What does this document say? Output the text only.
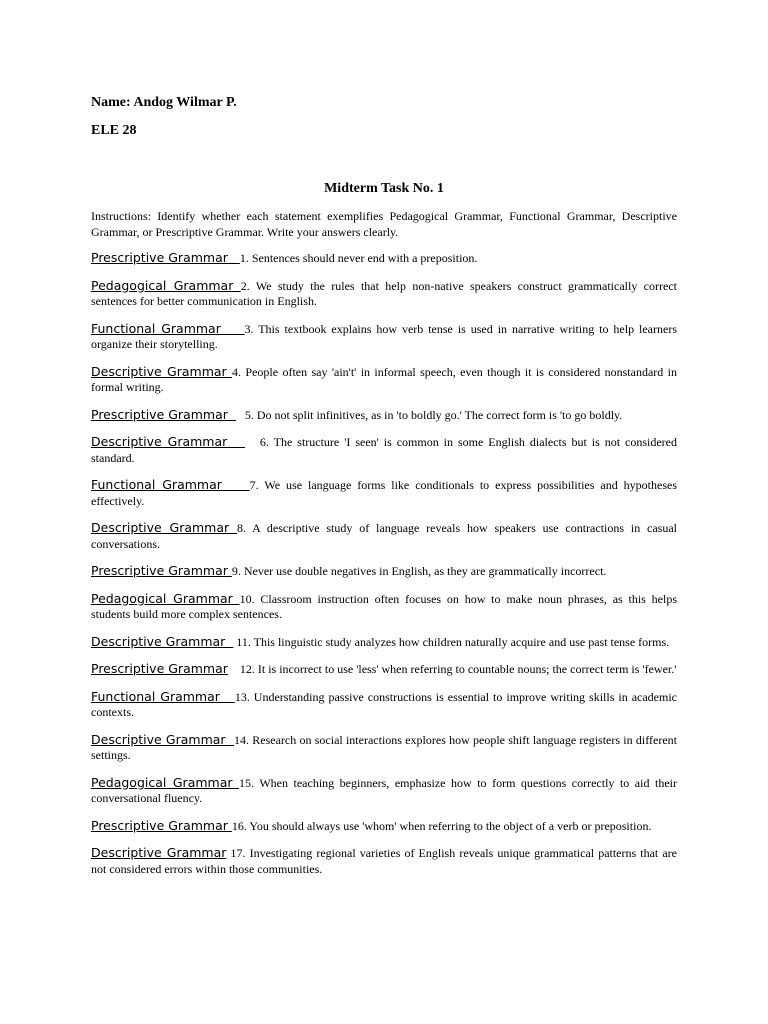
Name: Andog Wilmar P.

ELE 28

Midterm Task No. 1

Instructions: Identify whether each statement exemplifies Pedagogical Grammar, Functional Grammar, Descriptive Grammar, or Prescriptive Grammar. Write your answers clearly.

Prescriptive Grammar   1. Sentences should never end with a preposition.

Pedagogical Grammar 2. We study the rules that help non-native speakers construct grammatically correct sentences for better communication in English.

Functional Grammar    3. This textbook explains how verb tense is used in narrative writing to help learners organize their storytelling.

Descriptive Grammar 4. People often say 'ain't' in informal speech, even though it is considered nonstandard in formal writing.

Prescriptive Grammar     5. Do not split infinitives, as in 'to boldly go.' The correct form is 'to go boldly.

Descriptive Grammar      6. The structure 'I seen' is common in some English dialects but is not considered standard.

Functional Grammar    7. We use language forms like conditionals to express possibilities and hypotheses effectively.

Descriptive Grammar 8. A descriptive study of language reveals how speakers use contractions in casual conversations.

Prescriptive Grammar 9. Never use double negatives in English, as they are grammatically incorrect.

Pedagogical Grammar 10. Classroom instruction often focuses on how to make noun phrases, as this helps students build more complex sentences.

Descriptive Grammar   11. This linguistic study analyzes how children naturally acquire and use past tense forms.

Prescriptive Grammar    12. It is incorrect to use 'less' when referring to countable nouns; the correct term is 'fewer.'

Functional Grammar   13. Understanding passive constructions is essential to improve writing skills in academic contexts.

Descriptive Grammar  14. Research on social interactions explores how people shift language registers in different settings.

Pedagogical Grammar 15. When teaching beginners, emphasize how to form questions correctly to aid their conversational fluency.

Prescriptive Grammar 16. You should always use 'whom' when referring to the object of a verb or preposition.

Descriptive Grammar 17. Investigating regional varieties of English reveals unique grammatical patterns that are not considered errors within those communities.
